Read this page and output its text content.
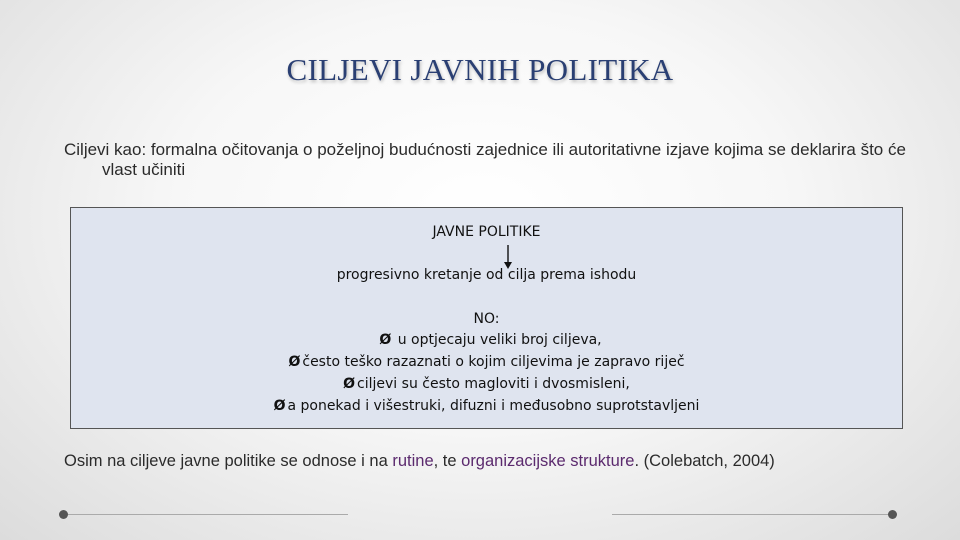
CILJEVI JAVNIH POLITIKA
Ciljevi kao: formalna očitovanja o poželjnoj budućnosti zajednice ili autoritativne izjave kojima se deklarira što će vlast učiniti
JAVNE POLITIKE
progresivno kretanje od cilja prema ishodu
NO:
Ø u optjecaju veliki broj ciljeva,
Ø često teško razaznati o kojim ciljevima je zapravo riječ
Ø ciljevi su često magloviti i dvosmisleni,
Ø a ponekad i višestruki, difuzni i međusobno suprotstavljeni
Osim na ciljeve javne politike se odnose i na rutine, te organizacijske strukture. (Colebatch, 2004)
